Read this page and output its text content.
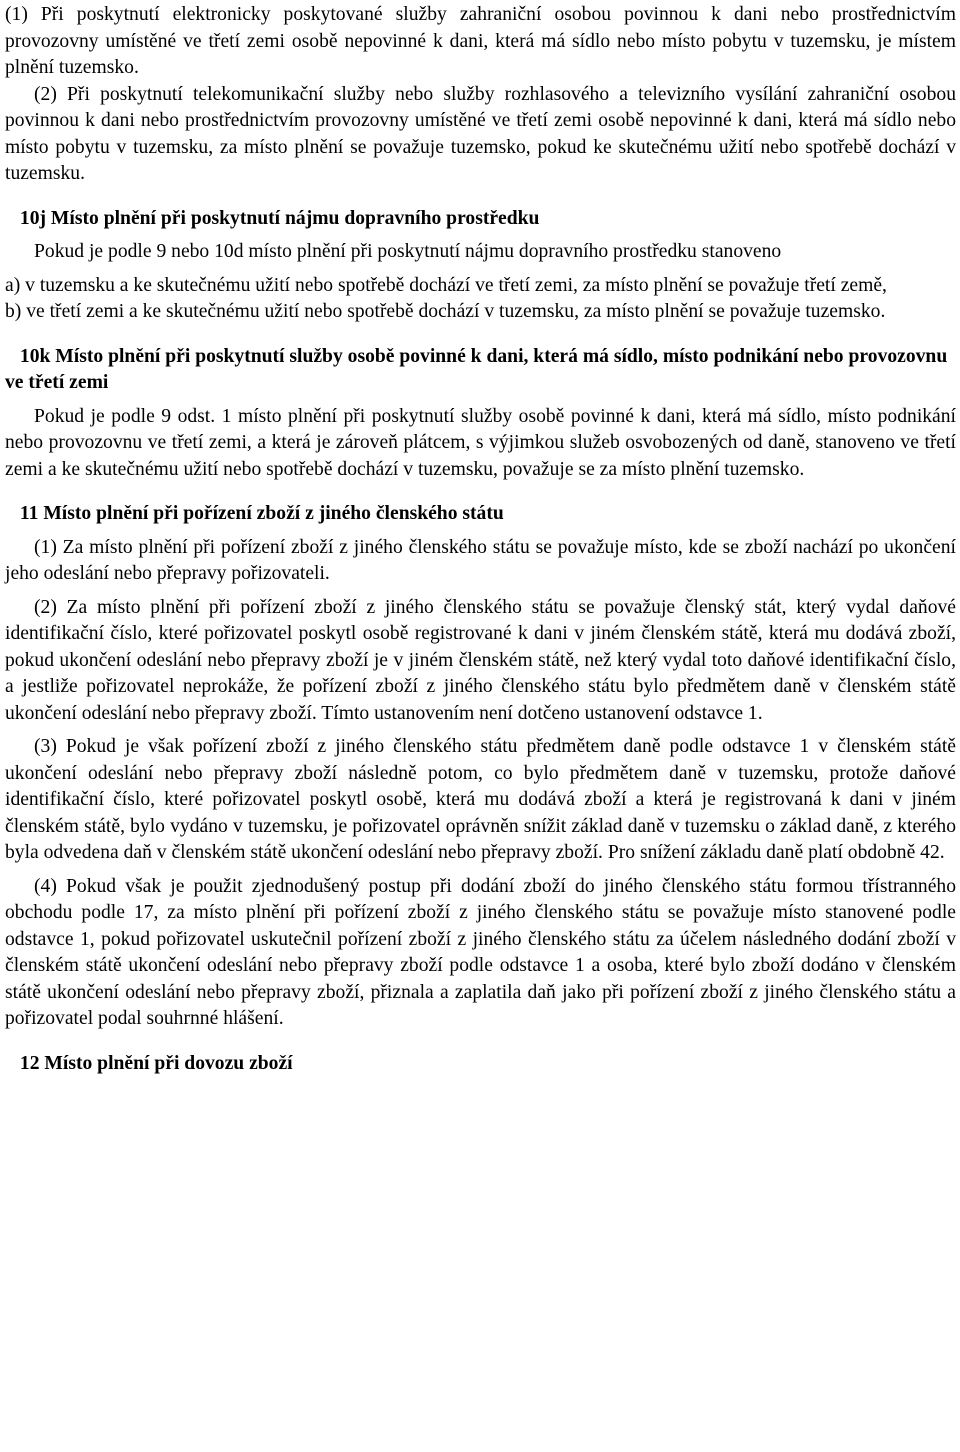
(1) Při poskytnutí elektronicky poskytované služby zahraniční osobou povinnou k dani nebo prostřednictvím provozovny umístěné ve třetí zemi osobě nepovinné k dani, která má sídlo nebo místo pobytu v tuzemsku, je místem plnění tuzemsko.

(2) Při poskytnutí telekomunikační služby nebo služby rozhlasového a televizního vysílání zahraniční osobou povinnou k dani nebo prostřednictvím provozovny umístěné ve třetí zemi osobě nepovinné k dani, která má sídlo nebo místo pobytu v tuzemsku, za místo plnění se považuje tuzemsko, pokud ke skutečnému užití nebo spotřebě dochází v tuzemsku.

10j Místo plnění při poskytnutí nájmu dopravního prostředku

Pokud je podle 9 nebo 10d místo plnění při poskytnutí nájmu dopravního prostředku stanoveno

a) v tuzemsku a ke skutečnému užití nebo spotřebě dochází ve třetí zemi, za místo plnění se považuje třetí země,

b) ve třetí zemi a ke skutečnému užití nebo spotřebě dochází v tuzemsku, za místo plnění se považuje tuzemsko.

10k Místo plnění při poskytnutí služby osobě povinné k dani, která má sídlo, místo podnikání nebo provozovnu ve třetí zemi

Pokud je podle 9 odst. 1 místo plnění při poskytnutí služby osobě povinné k dani, která má sídlo, místo podnikání nebo provozovnu ve třetí zemi, a která je zároveň plátcem, s výjimkou služeb osvobozených od daně, stanoveno ve třetí zemi a ke skutečnému užití nebo spotřebě dochází v tuzemsku, považuje se za místo plnění tuzemsko.

11 Místo plnění při pořízení zboží z jiného členského státu

(1) Za místo plnění při pořízení zboží z jiného členského státu se považuje místo, kde se zboží nachází po ukončení jeho odeslání nebo přepravy pořizovateli.

(2) Za místo plnění při pořízení zboží z jiného členského státu se považuje členský stát, který vydal daňové identifikační číslo, které pořizovatel poskytl osobě registrované k dani v jiném členském státě, která mu dodává zboží, pokud ukončení odeslání nebo přepravy zboží je v jiném členském státě, než který vydal toto daňové identifikační číslo, a jestliže pořizovatel neprokáže, že pořízení zboží z jiného členského státu bylo předmětem daně v členském státě ukončení odeslání nebo přepravy zboží. Tímto ustanovením není dotčeno ustanovení odstavce 1.

(3) Pokud je však pořízení zboží z jiného členského státu předmětem daně podle odstavce 1 v členském státě ukončení odeslání nebo přepravy zboží následně potom, co bylo předmětem daně v tuzemsku, protože daňové identifikační číslo, které pořizovatel poskytl osobě, která mu dodává zboží a která je registrovaná k dani v jiném členském státě, bylo vydáno v tuzemsku, je pořizovatel oprávněn snížit základ daně v tuzemsku o základ daně, z kterého byla odvedena daň v členském státě ukončení odeslání nebo přepravy zboží. Pro snížení základu daně platí obdobně 42.

(4) Pokud však je použit zjednodušený postup při dodání zboží do jiného členského státu formou třístranného obchodu podle 17, za místo plnění při pořízení zboží z jiného členského státu se považuje místo stanovené podle odstavce 1, pokud pořizovatel uskutečnil pořízení zboží z jiného členského státu za účelem následného dodání zboží v členském státě ukončení odeslání nebo přepravy zboží podle odstavce 1 a osoba, které bylo zboží dodáno v členském státě ukončení odeslání nebo přepravy zboží, přiznala a zaplatila daň jako při pořízení zboží z jiného členského státu a pořizovatel podal souhrnné hlášení.

12 Místo plnění při dovozu zboží
